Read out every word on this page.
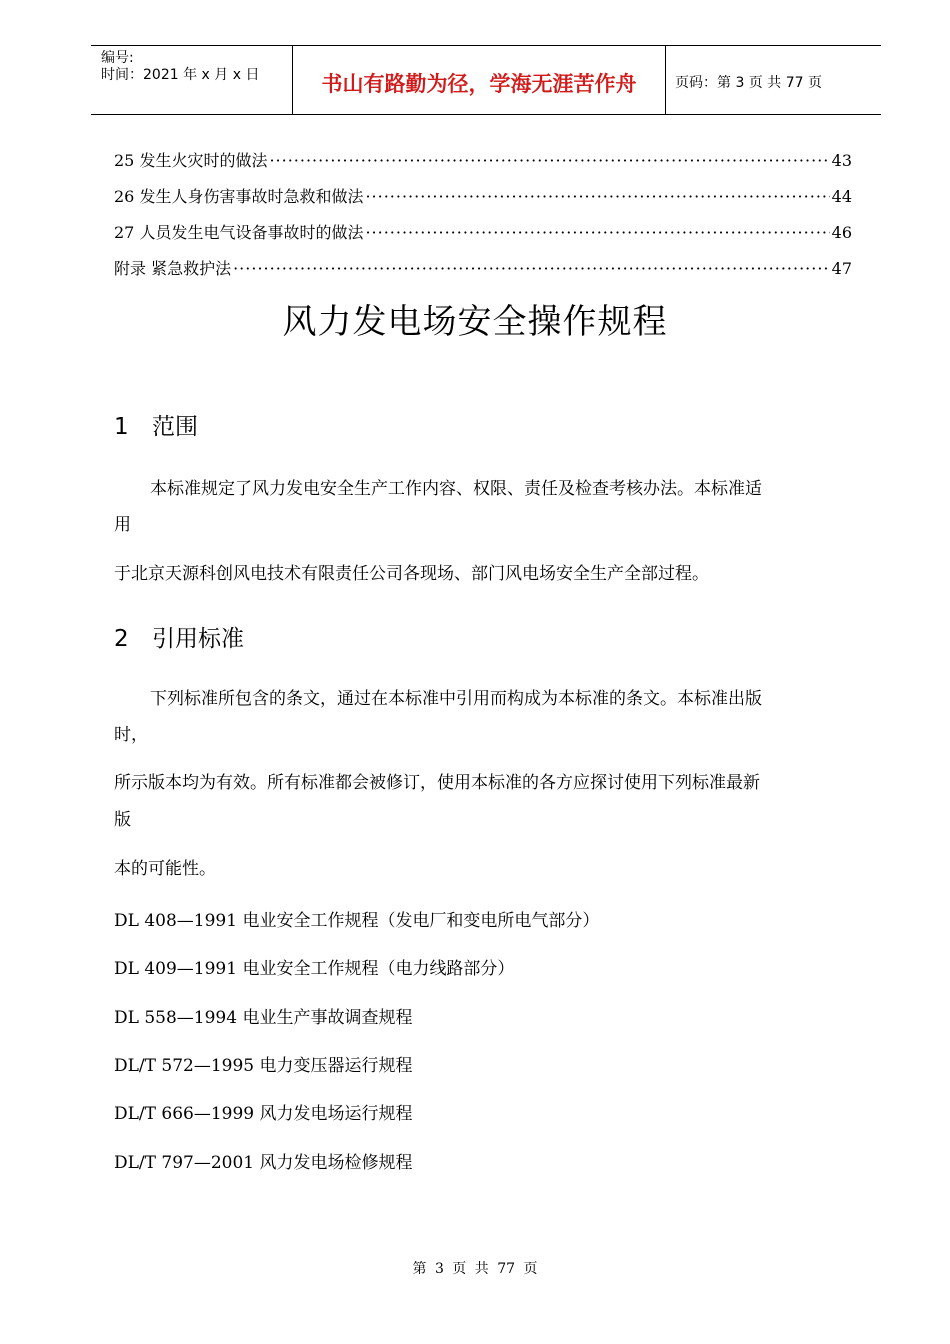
编号:
时间：2021 年 x 月 x 日	书山有路勤为径，学海无涯苦作舟	页码：第 3 页 共 77 页
25 发生火灾时的做法 ·····	43
26 发生人身伤害事故时急救和做法 ·····	44
27 人员发生电气设备事故时的做法 ·····	46
附录 紧急救护法 ·····	47
风力发电场安全操作规程
1 范围
本标准规定了风力发电安全生产工作内容、权限、责任及检查考核办法。本标准适
用
于北京天源科创风电技术有限责任公司各现场、部门风电场安全生产全部过程。
2 引用标准
下列标准所包含的条文，通过在本标准中引用而构成为本标准的条文。本标准出版
时，
所示版本均为有效。所有标准都会被修订，使用本标准的各方应探讨使用下列标准最新
版
本的可能性。
DL 408—1991 电业安全工作规程（发电厂和变电所电气部分）
DL 409—1991 电业安全工作规程（电力线路部分）
DL 558—1994 电业生产事故调查规程
DL/T 572—1995 电力变压器运行规程
DL/T 666—1999 风力发电场运行规程
DL/T 797—2001 风力发电场检修规程
第 3 页 共 77 页
